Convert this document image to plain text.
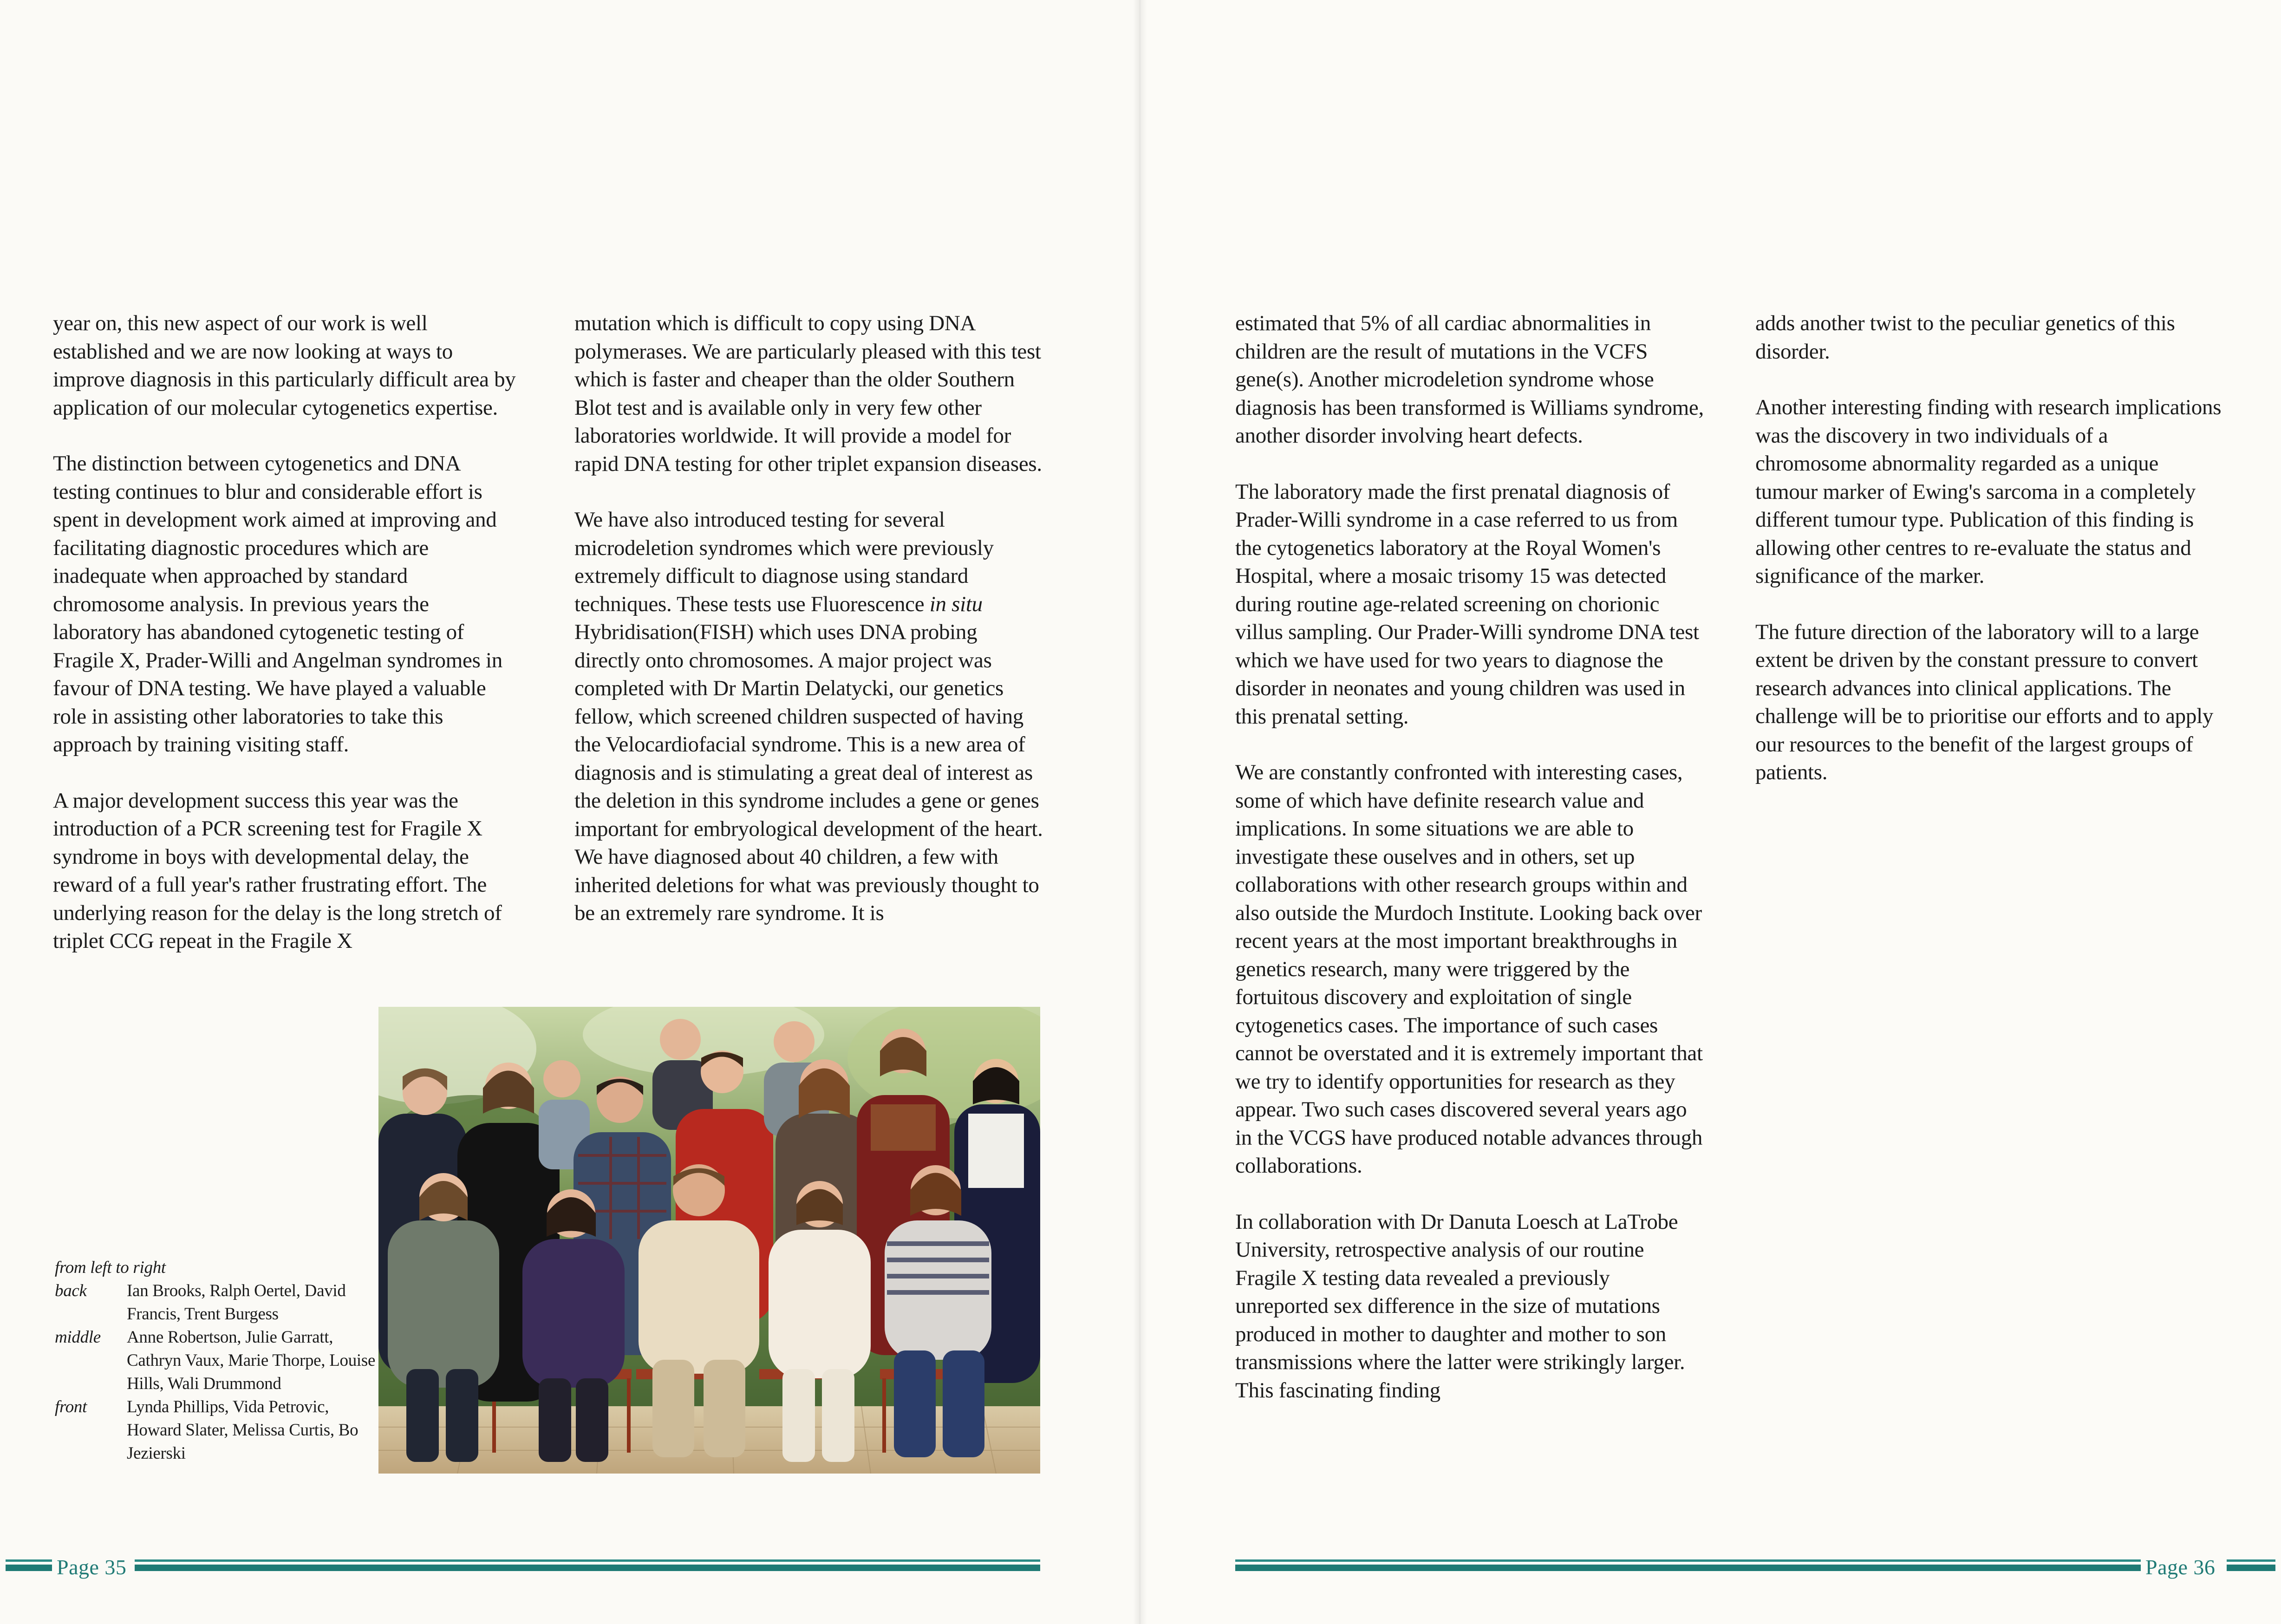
year on, this new aspect of our work is well established and we are now looking at ways to improve diagnosis in this particularly difficult area by application of our molecular cytogenetics expertise.

The distinction between cytogenetics and DNA testing continues to blur and considerable effort is spent in development work aimed at improving and facilitating diagnostic procedures which are inadequate when approached by standard chromosome analysis. In previous years the laboratory has abandoned cytogenetic testing of Fragile X, Prader-Willi and Angelman syndromes in favour of DNA testing. We have played a valuable role in assisting other laboratories to take this approach by training visiting staff.

A major development success this year was the introduction of a PCR screening test for Fragile X syndrome in boys with developmental delay, the reward of a full year's rather frustrating effort. The underlying reason for the delay is the long stretch of triplet CCG repeat in the Fragile X

mutation which is difficult to copy using DNA polymerases. We are particularly pleased with this test which is faster and cheaper than the older Southern Blot test and is available only in very few other laboratories worldwide. It will provide a model for rapid DNA testing for other triplet expansion diseases.

We have also introduced testing for several microdeletion syndromes which were previously extremely difficult to diagnose using standard techniques. These tests use Fluorescence in situ Hybridisation(FISH) which uses DNA probing directly onto chromosomes. A major project was completed with Dr Martin Delatycki, our genetics fellow, which screened children suspected of having the Velocardiofacial syndrome. This is a new area of diagnosis and is stimulating a great deal of interest as the deletion in this syndrome includes a gene or genes important for embryological development of the heart. We have diagnosed about 40 children, a few with inherited deletions for what was previously thought to be an extremely rare syndrome. It is

from left to right
back	Ian Brooks, Ralph Oertel, David Francis, Trent Burgess
middle	Anne Robertson, Julie Garratt, Cathryn Vaux, Marie Thorpe, Louise Hills, Wali Drummond
front	Lynda Phillips, Vida Petrovic, Howard Slater, Melissa Curtis, Bo Jezierski

estimated that 5% of all cardiac abnormalities in children are the result of mutations in the VCFS gene(s). Another microdeletion syndrome whose diagnosis has been transformed is Williams syndrome, another disorder involving heart defects.

The laboratory made the first prenatal diagnosis of Prader-Willi syndrome in a case referred to us from the cytogenetics laboratory at the Royal Women's Hospital, where a mosaic trisomy 15 was detected during routine age-related screening on chorionic villus sampling. Our Prader-Willi syndrome DNA test which we have used for two years to diagnose the disorder in neonates and young children was used in this prenatal setting.

We are constantly confronted with interesting cases, some of which have definite research value and implications. In some situations we are able to investigate these ouselves and in others, set up collaborations with other research groups within and also outside the Murdoch Institute. Looking back over recent years at the most important breakthroughs in genetics research, many were triggered by the fortuitous discovery and exploitation of single cytogenetics cases. The importance of such cases cannot be overstated and it is extremely important that we try to identify opportunities for research as they appear. Two such cases discovered several years ago in the VCGS have produced notable advances through collaborations.

In collaboration with Dr Danuta Loesch at LaTrobe University, retrospective analysis of our routine Fragile X testing data revealed a previously unreported sex difference in the size of mutations produced in mother to daughter and mother to son transmissions where the latter were strikingly larger. This fascinating finding

adds another twist to the peculiar genetics of this disorder.

Another interesting finding with research implications was the discovery in two individuals of a chromosome abnormality regarded as a unique tumour marker of Ewing's sarcoma in a completely different tumour type. Publication of this finding is allowing other centres to re-evaluate the status and significance of the marker.

The future direction of the laboratory will to a large extent be driven by the constant pressure to convert research advances into clinical applications. The challenge will be to prioritise our efforts and to apply our resources to the benefit of the largest groups of patients.

Page 35	Page 36
